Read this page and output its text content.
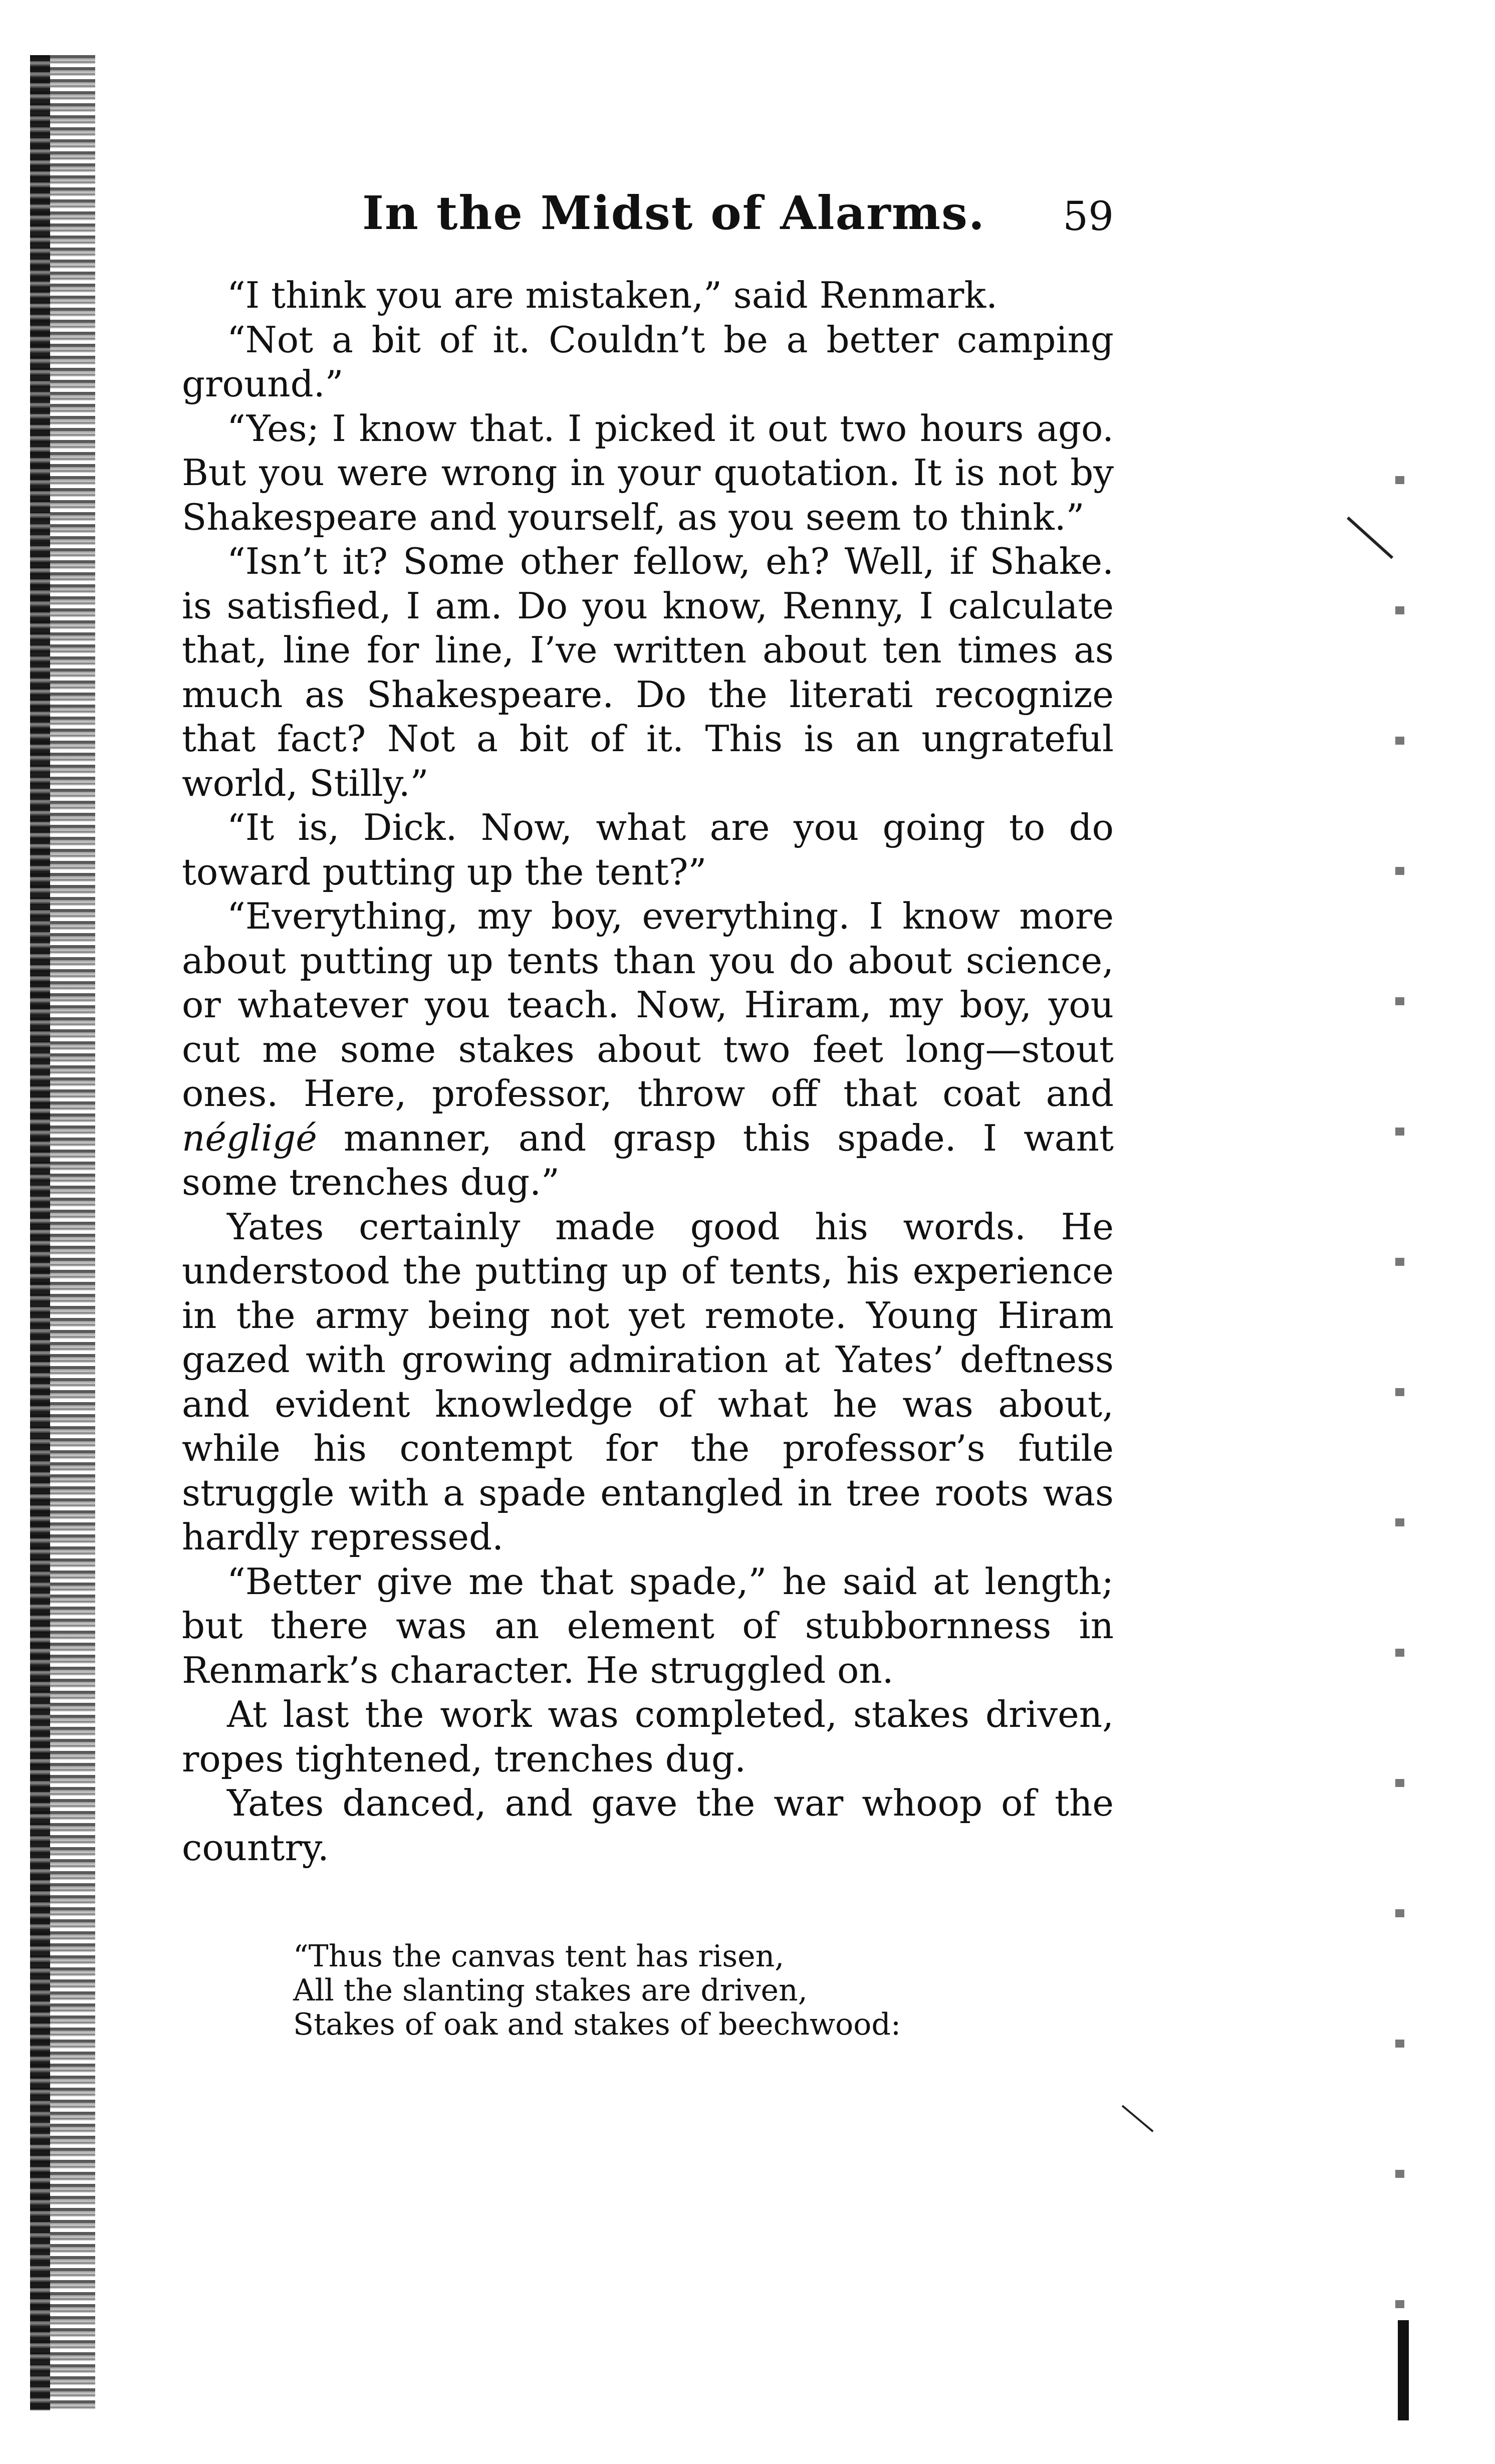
In the Midst of Alarms. 59

“I think you are mistaken,” said Renmark.

“Not a bit of it. Couldn’t be a better camping ground.”

“Yes; I know that. I picked it out two hours ago. But you were wrong in your quotation. It is not by Shakespeare and yourself, as you seem to think.”

“Isn’t it? Some other fellow, eh? Well, if Shake. is satisfied, I am. Do you know, Renny, I calculate that, line for line, I’ve written about ten times as much as Shakespeare. Do the literati recognize that fact? Not a bit of it. This is an ungrateful world, Stilly.”

“It is, Dick. Now, what are you going to do toward putting up the tent?”

“Everything, my boy, everything. I know more about putting up tents than you do about science, or whatever you teach. Now, Hiram, my boy, you cut me some stakes about two feet long—stout ones. Here, professor, throw off that coat and négligé manner, and grasp this spade. I want some trenches dug.”

Yates certainly made good his words. He understood the putting up of tents, his experience in the army being not yet remote. Young Hiram gazed with growing admiration at Yates’ deftness and evident knowledge of what he was about, while his contempt for the professor’s futile struggle with a spade entangled in tree roots was hardly repressed.

“Better give me that spade,” he said at length; but there was an element of stubbornness in Renmark’s character. He struggled on.

At last the work was completed, stakes driven, ropes tightened, trenches dug.

Yates danced, and gave the war whoop of the country.

“Thus the canvas tent has risen,
All the slanting stakes are driven,
Stakes of oak and stakes of beechwood:
